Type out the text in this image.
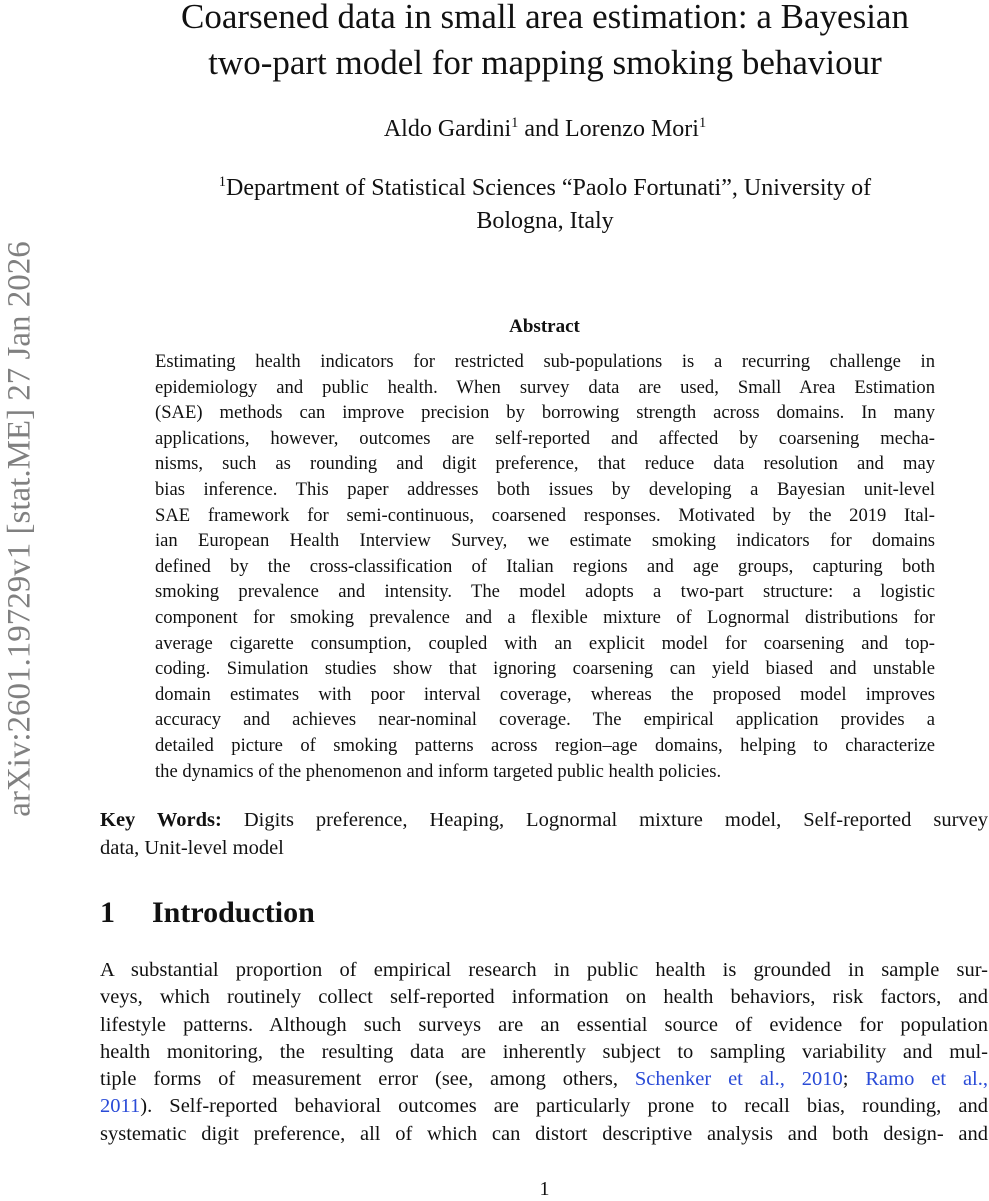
arXiv:2601.19729v1 [stat.ME] 27 Jan 2026
Coarsened data in small area estimation: a Bayesian
two-part model for mapping smoking behaviour
Aldo Gardini$^1$ and Lorenzo Mori$^1$
$^1$Department of Statistical Sciences “Paolo Fortunati”, University of
Bologna, Italy
Abstract
Estimating health indicators for restricted sub-populations is a recurring challenge in
epidemiology and public health. When survey data are used, Small Area Estimation
(SAE) methods can improve precision by borrowing strength across domains. In many
applications, however, outcomes are self-reported and affected by coarsening mecha-
nisms, such as rounding and digit preference, that reduce data resolution and may
bias inference. This paper addresses both issues by developing a Bayesian unit-level
SAE framework for semi-continuous, coarsened responses. Motivated by the 2019 Ital-
ian European Health Interview Survey, we estimate smoking indicators for domains
defined by the cross-classification of Italian regions and age groups, capturing both
smoking prevalence and intensity. The model adopts a two-part structure: a logistic
component for smoking prevalence and a flexible mixture of Lognormal distributions for
average cigarette consumption, coupled with an explicit model for coarsening and top-
coding. Simulation studies show that ignoring coarsening can yield biased and unstable
domain estimates with poor interval coverage, whereas the proposed model improves
accuracy and achieves near-nominal coverage. The empirical application provides a
detailed picture of smoking patterns across region–age domains, helping to characterize
the dynamics of the phenomenon and inform targeted public health policies.
Key Words: Digits preference, Heaping, Lognormal mixture model, Self-reported survey
data, Unit-level model
1 Introduction
A substantial proportion of empirical research in public health is grounded in sample sur-
veys, which routinely collect self-reported information on health behaviors, risk factors, and
lifestyle patterns. Although such surveys are an essential source of evidence for population
health monitoring, the resulting data are inherently subject to sampling variability and mul-
tiple forms of measurement error (see, among others, Schenker et al., 2010; Ramo et al.,
2011). Self-reported behavioral outcomes are particularly prone to recall bias, rounding, and
systematic digit preference, all of which can distort descriptive analysis and both design- and
1
